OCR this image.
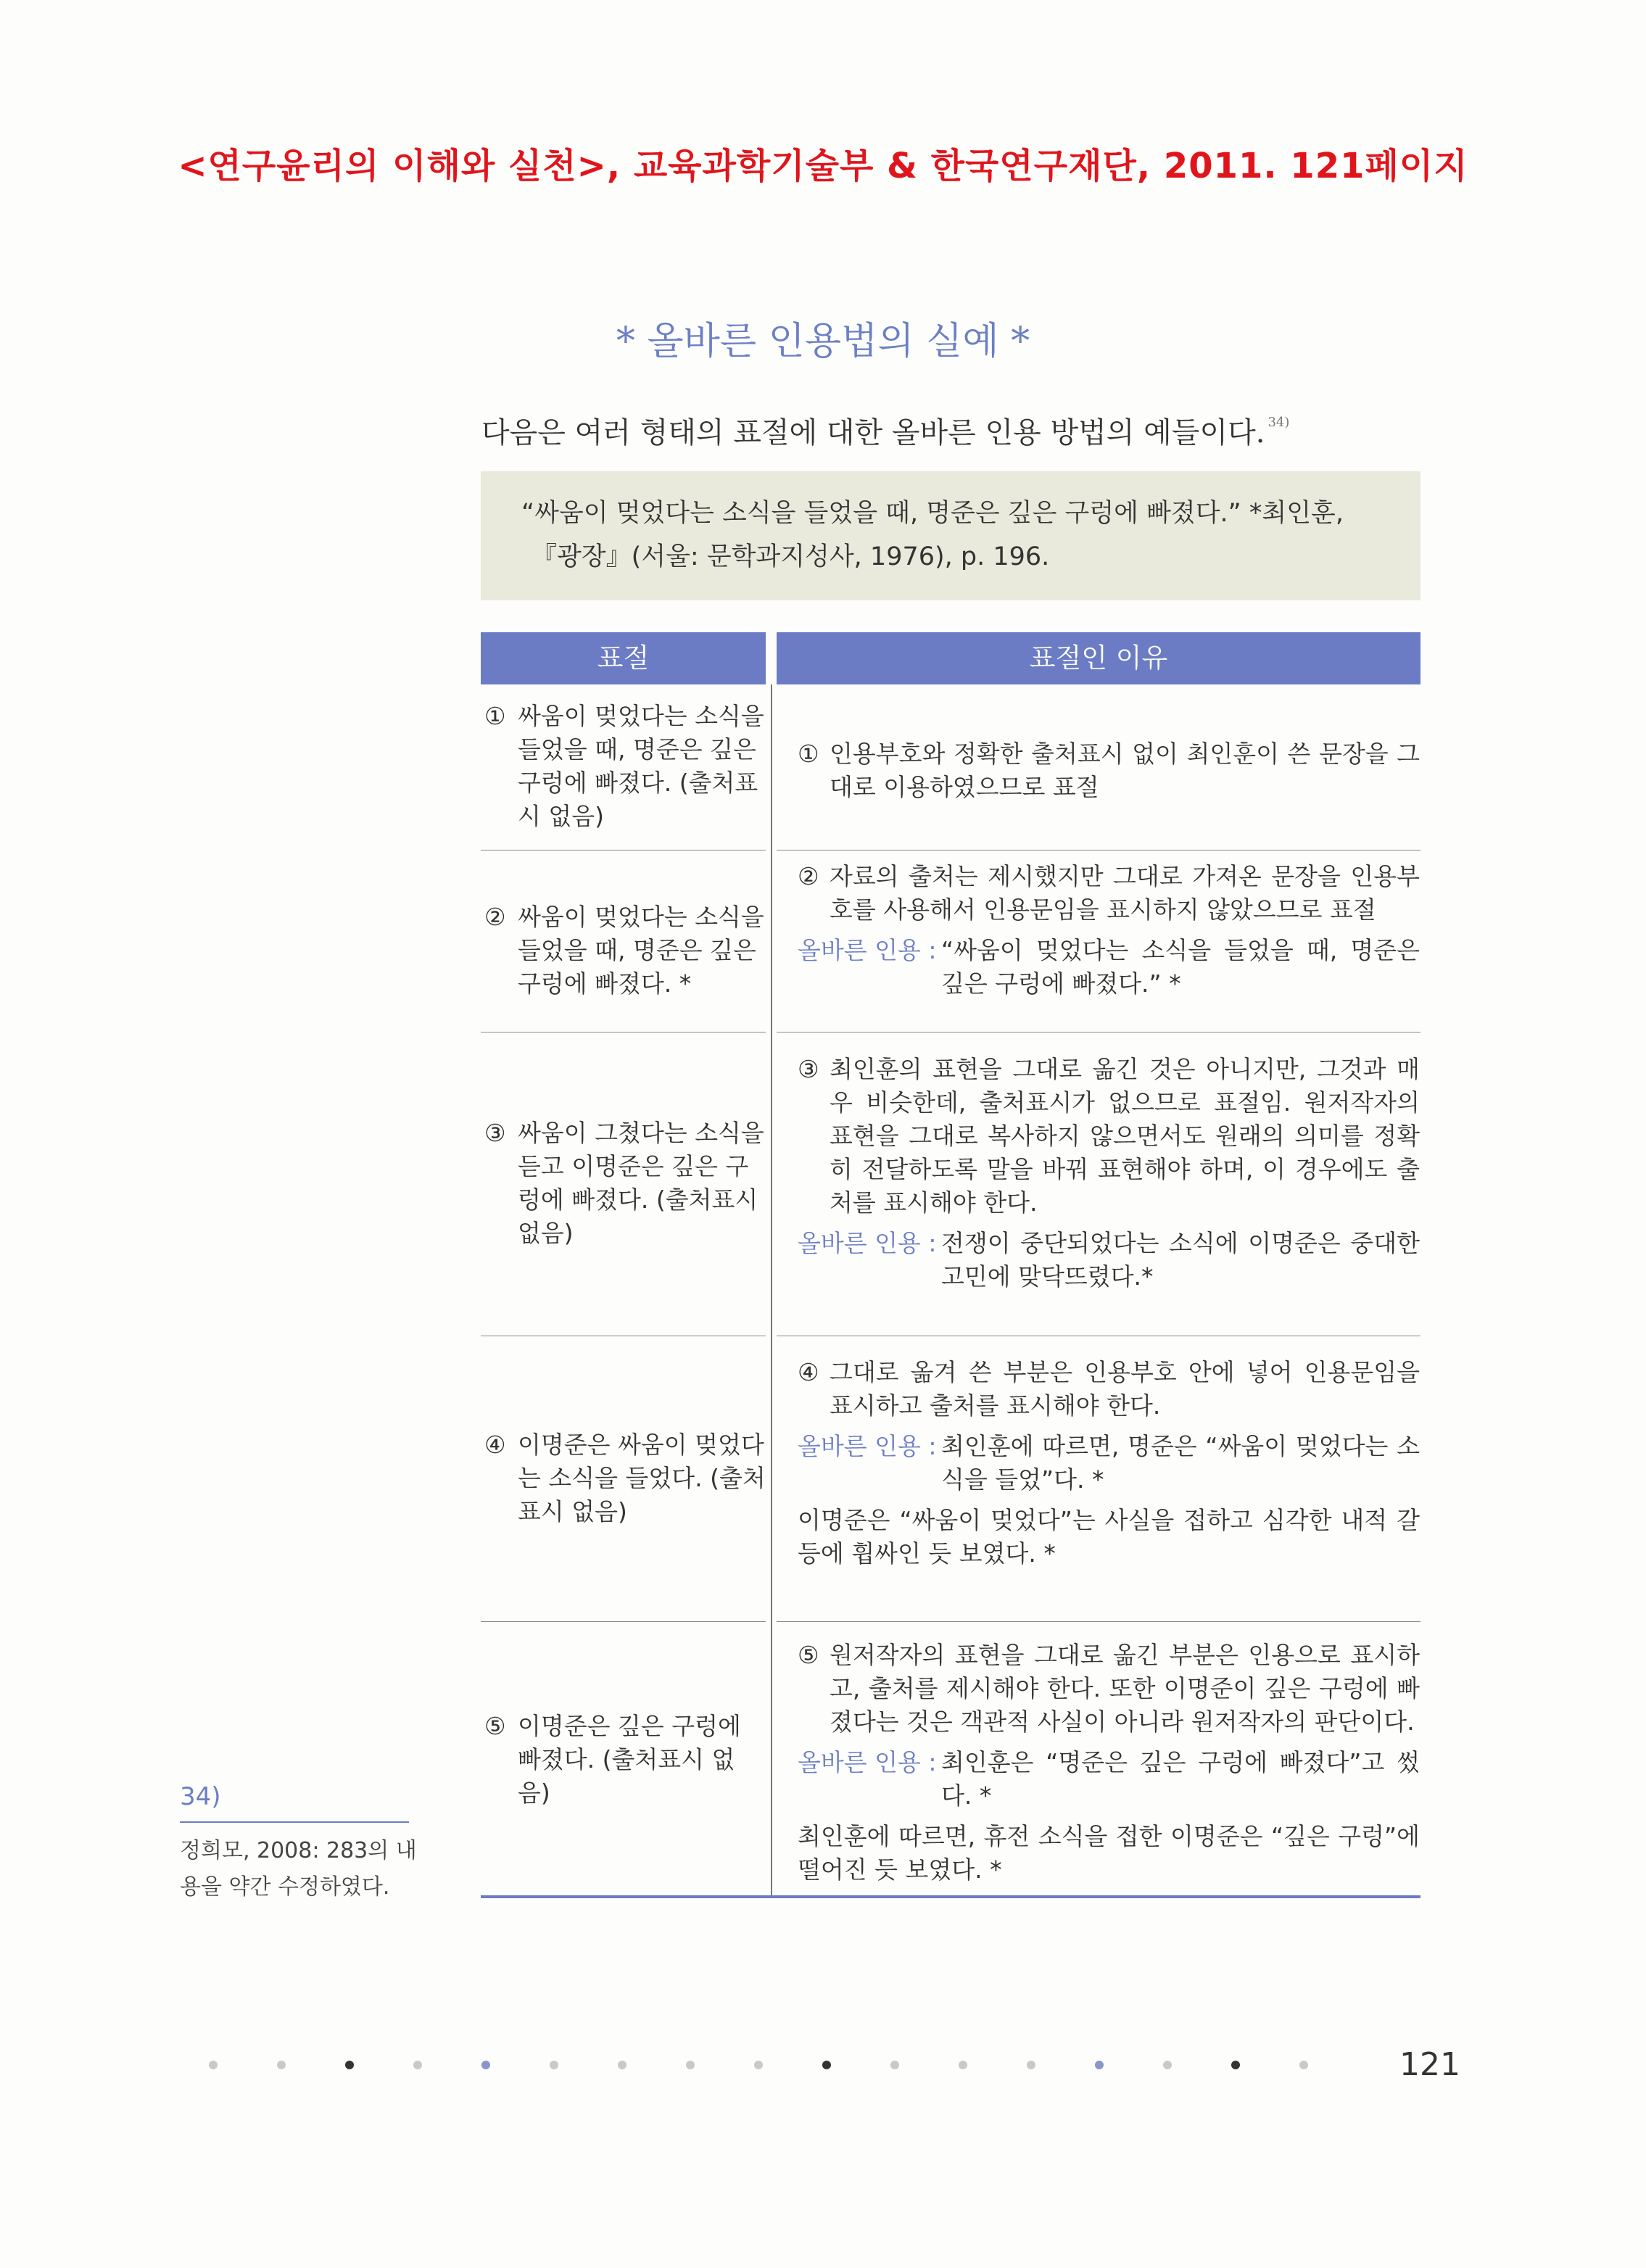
<연구윤리의 이해와 실천>, 교육과학기술부 & 한국연구재단, 2011. 121페이지
* 올바른 인용법의 실예 *
다음은 여러 형태의 표절에 대한 올바른 인용 방법의 예들이다. $^{34)}$
“싸움이 멎었다는 소식을 들었을 때, 명준은 깊은 구렁에 빠졌다.” *최인훈,
『광장』(서울: 문학과지성사, 1976), p. 196.
표절	표절인 이유
① 싸움이 멎었다는 소식을 들었을 때, 명준은 깊은 구렁에 빠졌다. (출처표시 없음)
① 인용부호와 정확한 출처표시 없이 최인훈이 쓴 문장을 그대로 이용하였으므로 표절
② 싸움이 멎었다는 소식을 들었을 때, 명준은 깊은 구렁에 빠졌다. *
② 자료의 출처는 제시했지만 그대로 가져온 문장을 인용부호를 사용해서 인용문임을 표시하지 않았으므로 표절
올바른 인용 : “싸움이 멎었다는 소식을 들었을 때, 명준은 깊은 구렁에 빠졌다.” *
③ 싸움이 그쳤다는 소식을 듣고 이명준은 깊은 구렁에 빠졌다. (출처표시 없음)
③ 최인훈의 표현을 그대로 옮긴 것은 아니지만, 그것과 매우 비슷한데, 출처표시가 없으므로 표절임. 원저작자의 표현을 그대로 복사하지 않으면서도 원래의 의미를 정확히 전달하도록 말을 바꿔 표현해야 하며, 이 경우에도 출처를 표시해야 한다.
올바른 인용 : 전쟁이 중단되었다는 소식에 이명준은 중대한 고민에 맞닥뜨렸다.*
④ 이명준은 싸움이 멎었다는 소식을 들었다. (출처표시 없음)
④ 그대로 옮겨 쓴 부분은 인용부호 안에 넣어 인용문임을 표시하고 출처를 표시해야 한다.
올바른 인용 : 최인훈에 따르면, 명준은 “싸움이 멎었다는 소식을 들었”다. *
이명준은 “싸움이 멎었다”는 사실을 접하고 심각한 내적 갈등에 휩싸인 듯 보였다. *
⑤ 이명준은 깊은 구렁에 빠졌다. (출처표시 없음)
⑤ 원저작자의 표현을 그대로 옮긴 부분은 인용으로 표시하고, 출처를 제시해야 한다. 또한 이명준이 깊은 구렁에 빠졌다는 것은 객관적 사실이 아니라 원저작자의 판단이다.
올바른 인용 : 최인훈은 “명준은 깊은 구렁에 빠졌다”고 썼다. *
최인훈에 따르면, 휴전 소식을 접한 이명준은 “깊은 구렁”에 떨어진 듯 보였다. *
34)
정희모, 2008: 283의 내용을 약간 수정하였다.
121
